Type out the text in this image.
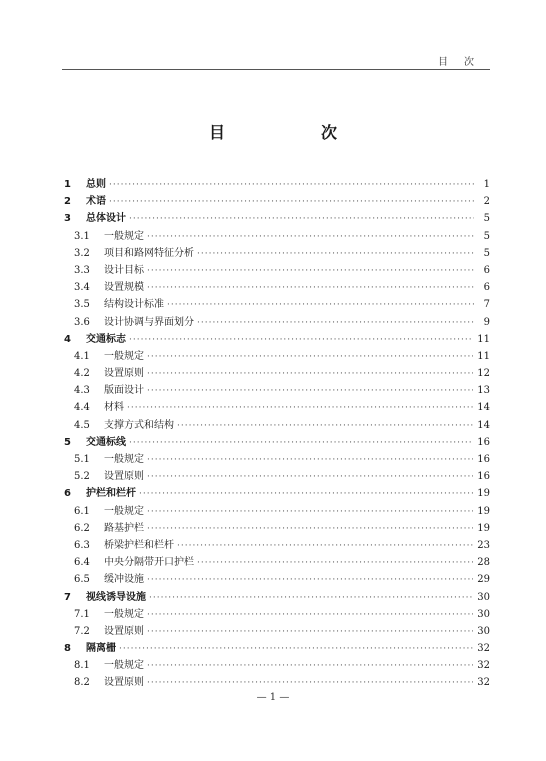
目次
目　次
1	总则 ·····	1
2	术语 ·····	2
3	总体设计 ·····	5
3.1	一般规定 ·····	5
3.2	项目和路网特征分析 ·····	5
3.3	设计目标 ·····	6
3.4	设置规模 ·····	6
3.5	结构设计标准 ·····	7
3.6	设计协调与界面划分 ·····	9
4	交通标志 ·····	11
4.1	一般规定 ·····	11
4.2	设置原则 ·····	12
4.3	版面设计 ·····	13
4.4	材料 ·····	14
4.5	支撑方式和结构 ·····	14
5	交通标线 ·····	16
5.1	一般规定 ·····	16
5.2	设置原则 ·····	16
6	护栏和栏杆 ·····	19
6.1	一般规定 ·····	19
6.2	路基护栏 ·····	19
6.3	桥梁护栏和栏杆 ·····	23
6.4	中央分隔带开口护栏 ·····	28
6.5	缓冲设施 ·····	29
7	视线诱导设施 ·····	30
7.1	一般规定 ·····	30
7.2	设置原则 ·····	30
8	隔离栅 ·····	32
8.1	一般规定 ·····	32
8.2	设置原则 ·····	32
— 1 —
